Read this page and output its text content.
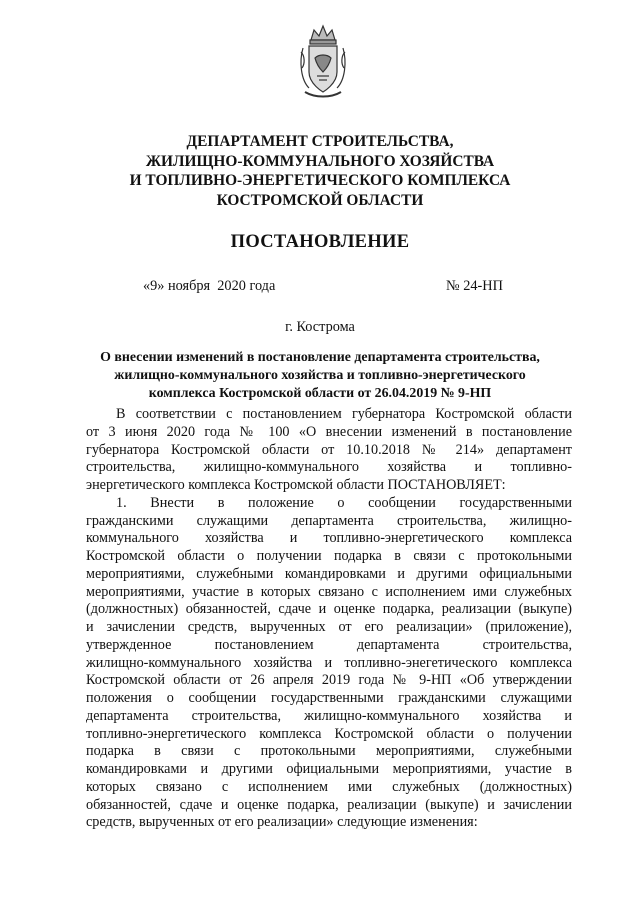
ДЕПАРТАМЕНТ СТРОИТЕЛЬСТВА,
ЖИЛИЩНО-КОММУНАЛЬНОГО ХОЗЯЙСТВА
И ТОПЛИВНО-ЭНЕРГЕТИЧЕСКОГО КОМПЛЕКСА
КОСТРОМСКОЙ ОБЛАСТИ
ПОСТАНОВЛЕНИЕ
«9» ноября  2020 года	№ 24-НП
г. Кострома
О внесении изменений в постановление департамента строительства,
жилищно-коммунального хозяйства и топливно-энергетического
комплекса Костромской области от 26.04.2019 № 9-НП
В соответствии с постановлением губернатора Костромской области
от 3 июня 2020 года № 100 «О внесении изменений в постановление
губернатора Костромской области от 10.10.2018 № 214» департамент
строительства, жилищно-коммунального хозяйства и топливно-
энергетического комплекса Костромской области ПОСТАНОВЛЯЕТ:
1. Внести в положение о сообщении государственными
гражданскими служащими департамента строительства, жилищно-
коммунального хозяйства и топливно-энергетического комплекса
Костромской области о получении подарка в связи с протокольными
мероприятиями, служебными командировками и другими официальными
мероприятиями, участие в которых связано с исполнением ими служебных
(должностных) обязанностей, сдаче и оценке подарка, реализации (выкупе)
и зачислении средств, вырученных от его реализации» (приложение),
утвержденное постановлением департамента строительства,
жилищно-коммунального хозяйства и топливно-энегетического комплекса
Костромской области от 26 апреля 2019 года № 9-НП «Об утверждении
положения о сообщении государственными гражданскими служащими
департамента строительства, жилищно-коммунального хозяйства и
топливно-энергетического комплекса Костромской области о получении
подарка в связи с протокольными мероприятиями, служебными
командировками и другими официальными мероприятиями, участие в
которых связано с исполнением ими служебных (должностных)
обязанностей, сдаче и оценке подарка, реализации (выкупе) и зачислении
средств, вырученных от его реализации» следующие изменения:
